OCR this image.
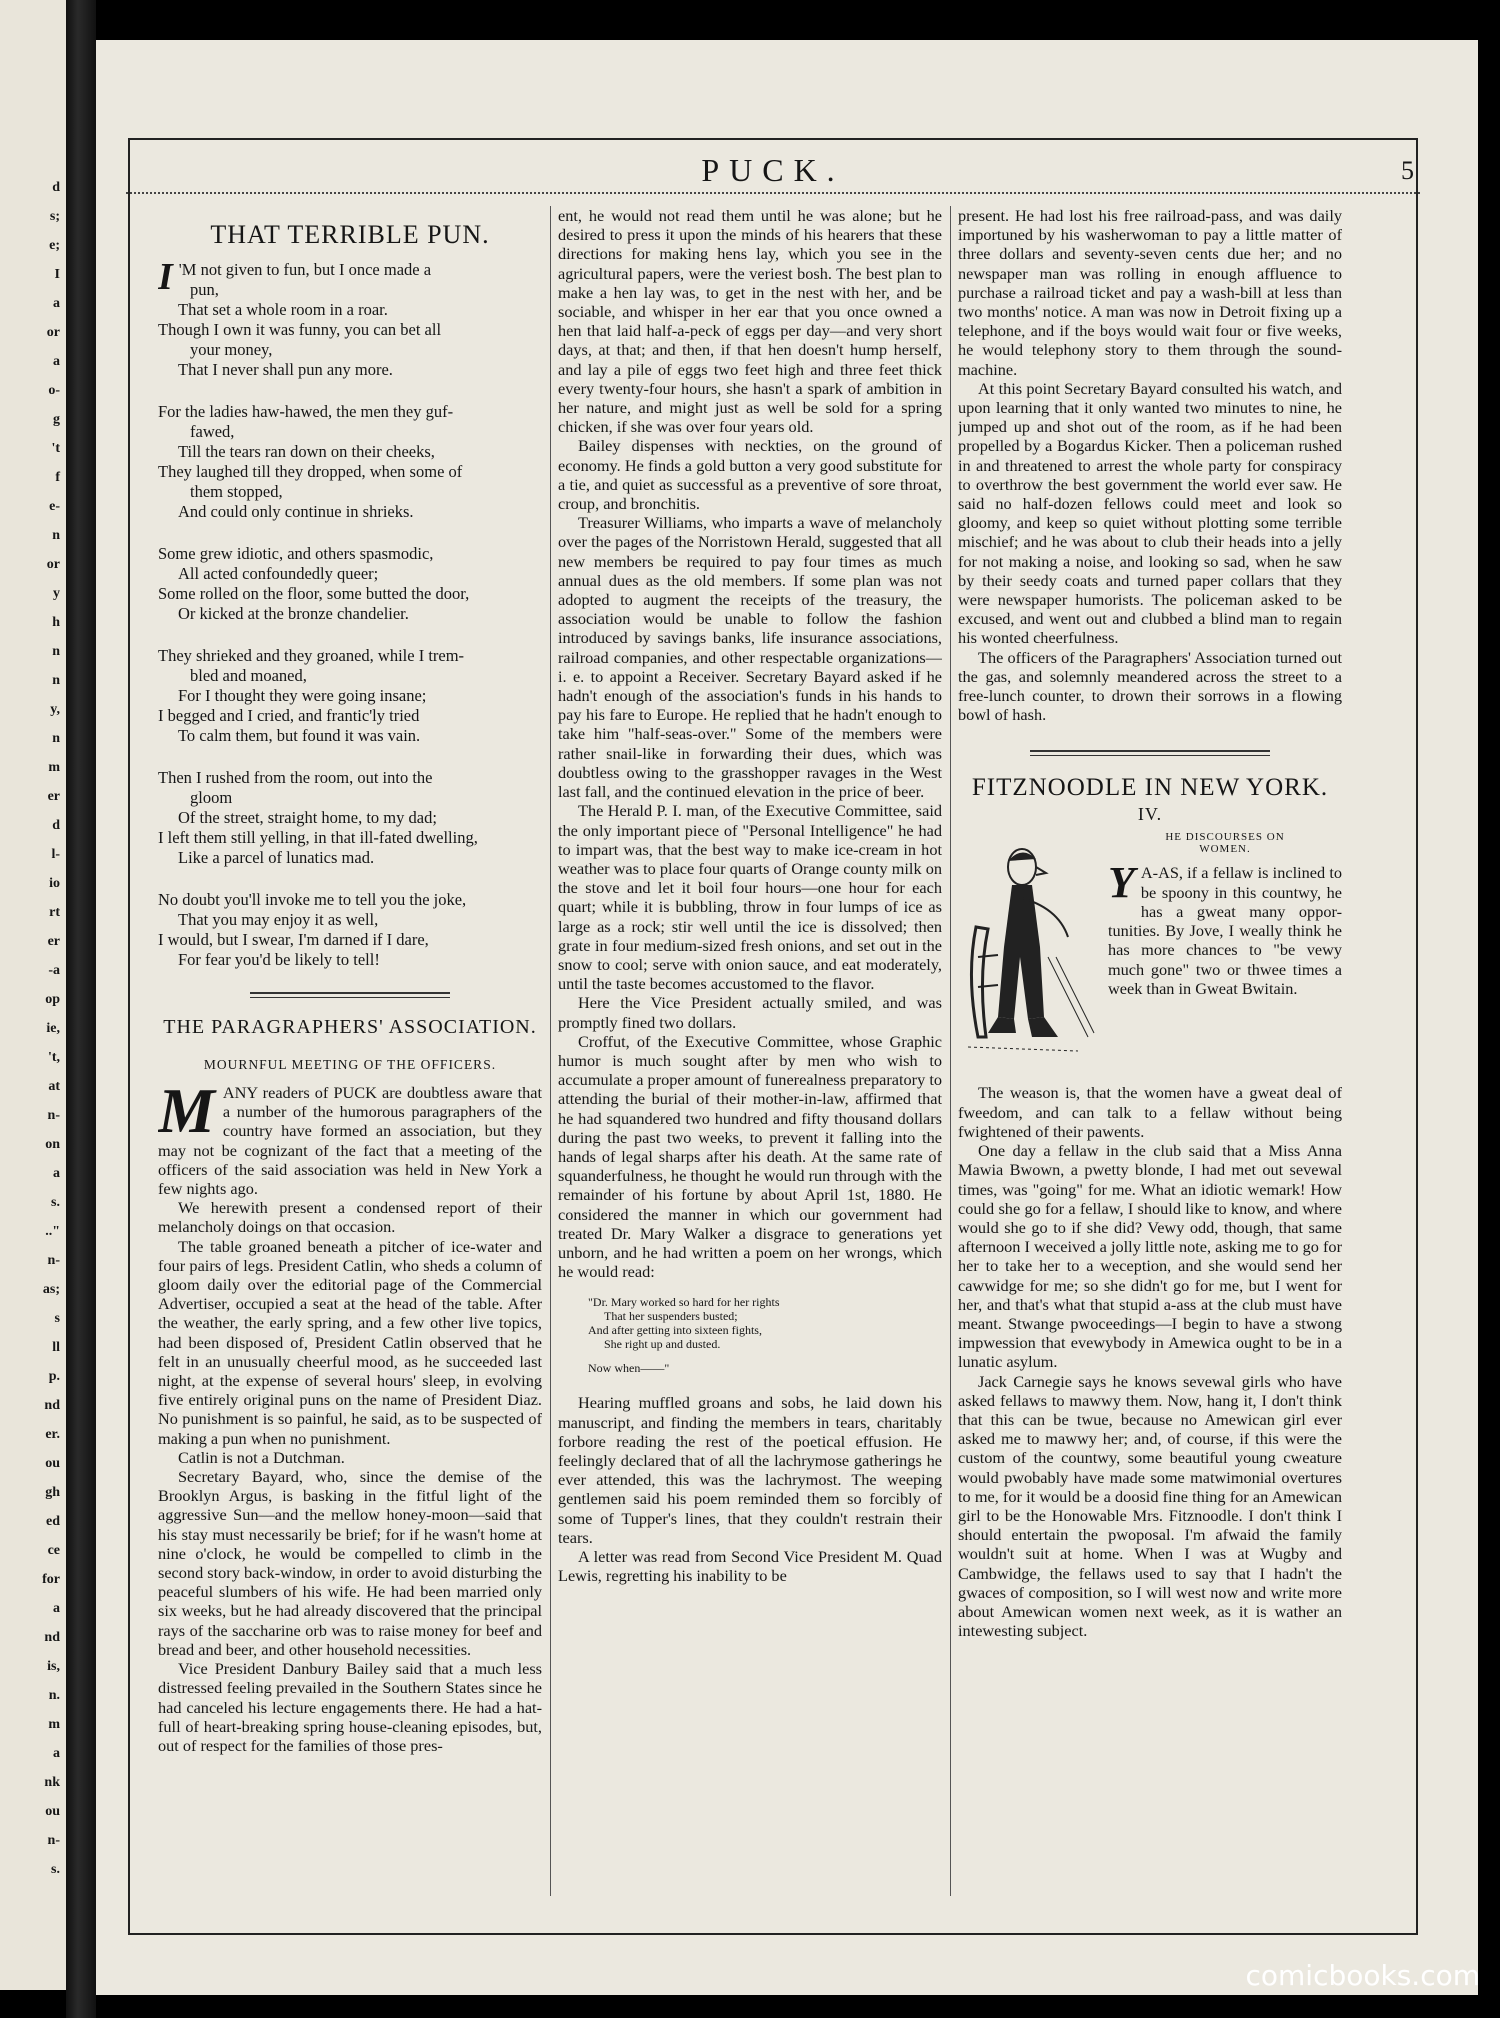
d
s;
e;
I
a
or
a
o-
g
't
f
e-
n
or
y
h
n
n
y,
n
m
er
d
l-
io
rt
er
-a
op
ie,
't,
at
n-
on
a
s.
.."
n-
as;
s
ll
p.
nd
er.
ou
gh
ed
ce
for
a
nd
is,
n.
m
a
nk
ou
n-
s.
PUCK.	5
THAT TERRIBLE PUN.

I 'M not given to fun, but I once made a
pun,
That set a whole room in a roar.
Though I own it was funny, you can bet all
your money,
That I never shall pun any more.

For the ladies haw-hawed, the men they guf-
fawed,
Till the tears ran down on their cheeks,
They laughed till they dropped, when some of
them stopped,
And could only continue in shrieks.

Some grew idiotic, and others spasmodic,
All acted confoundedly queer;
Some rolled on the floor, some butted the door,
Or kicked at the bronze chandelier.

They shrieked and they groaned, while I trem-
bled and moaned,
For I thought they were going insane;
I begged and I cried, and frantic'ly tried
To calm them, but found it was vain.

Then I rushed from the room, out into the
gloom
Of the street, straight home, to my dad;
I left them still yelling, in that ill-fated dwelling,
Like a parcel of lunatics mad.

No doubt you'll invoke me to tell you the joke,
That you may enjoy it as well,
I would, but I swear, I'm darned if I dare,
For fear you'd be likely to tell!

THE PARAGRAPHERS' ASSOCIATION.
MOURNFUL MEETING OF THE OFFICERS.

MANY readers of PUCK are doubtless aware that a number of the humorous paragraphers of the country have formed an association, but they may not be cognizant of the fact that a meeting of the officers of the said association was held in New York a few nights ago.

We herewith present a condensed report of their melancholy doings on that occasion.

The table groaned beneath a pitcher of ice-water and four pairs of legs. President Catlin, who sheds a column of gloom daily over the editorial page of the Commercial Advertiser, occupied a seat at the head of the table. After the weather, the early spring, and a few other live topics, had been disposed of, President Catlin observed that he felt in an unusually cheerful mood, as he succeeded last night, at the expense of several hours' sleep, in evolving five entirely original puns on the name of President Diaz. No punishment is so painful, he said, as to be suspected of making a pun when no punishment.

Catlin is not a Dutchman.

Secretary Bayard, who, since the demise of the Brooklyn Argus, is basking in the fitful light of the aggressive Sun—and the mellow honey-moon—said that his stay must necessarily be brief; for if he wasn't home at nine o'clock, he would be compelled to climb in the second story back-window, in order to avoid disturbing the peaceful slumbers of his wife. He had been married only six weeks, but he had already discovered that the principal rays of the saccharine orb was to raise money for beef and bread and beer, and other household necessities.

Vice President Danbury Bailey said that a much less distressed feeling prevailed in the Southern States since he had canceled his lecture engagements there. He had a hat-full of heart-breaking spring house-cleaning episodes, but, out of respect for the families of those pres-

ent, he would not read them until he was alone; but he desired to press it upon the minds of his hearers that these directions for making hens lay, which you see in the agricultural papers, were the veriest bosh. The best plan to make a hen lay was, to get in the nest with her, and be sociable, and whisper in her ear that you once owned a hen that laid half-a-peck of eggs per day—and very short days, at that; and then, if that hen doesn't hump herself, and lay a pile of eggs two feet high and three feet thick every twenty-four hours, she hasn't a spark of ambition in her nature, and might just as well be sold for a spring chicken, if she was over four years old.

Bailey dispenses with neckties, on the ground of economy. He finds a gold button a very good substitute for a tie, and quiet as successful as a preventive of sore throat, croup, and bronchitis.

Treasurer Williams, who imparts a wave of melancholy over the pages of the Norristown Herald, suggested that all new members be required to pay four times as much annual dues as the old members. If some plan was not adopted to augment the receipts of the treasury, the association would be unable to follow the fashion introduced by savings banks, life insurance associations, railroad companies, and other respectable organizations—i. e. to appoint a Receiver. Secretary Bayard asked if he hadn't enough of the association's funds in his hands to pay his fare to Europe. He replied that he hadn't enough to take him "half-seas-over." Some of the members were rather snail-like in forwarding their dues, which was doubtless owing to the grasshopper ravages in the West last fall, and the continued elevation in the price of beer.

The Herald P. I. man, of the Executive Committee, said the only important piece of "Personal Intelligence" he had to impart was, that the best way to make ice-cream in hot weather was to place four quarts of Orange county milk on the stove and let it boil four hours—one hour for each quart; while it is bubbling, throw in four lumps of ice as large as a rock; stir well until the ice is dissolved; then grate in four medium-sized fresh onions, and set out in the snow to cool; serve with onion sauce, and eat moderately, until the taste becomes accustomed to the flavor.

Here the Vice President actually smiled, and was promptly fined two dollars.

Croffut, of the Executive Committee, whose Graphic humor is much sought after by men who wish to accumulate a proper amount of funerealness preparatory to attending the burial of their mother-in-law, affirmed that he had squandered two hundred and fifty thousand dollars during the past two weeks, to prevent it falling into the hands of legal sharps after his death. At the same rate of squanderfulness, he thought he would run through with the remainder of his fortune by about April 1st, 1880. He considered the manner in which our government had treated Dr. Mary Walker a disgrace to generations yet unborn, and he had written a poem on her wrongs, which he would read:

"Dr. Mary worked so hard for her rights
That her suspenders busted;
And after getting into sixteen fights,
She right up and dusted.
Now when——"

Hearing muffled groans and sobs, he laid down his manuscript, and finding the members in tears, charitably forbore reading the rest of the poetical effusion. He feelingly declared that of all the lachrymose gatherings he ever attended, this was the lachrymost. The weeping gentlemen said his poem reminded them so forcibly of some of Tupper's lines, that they couldn't restrain their tears.

A letter was read from Second Vice President M. Quad Lewis, regretting his inability to be

present. He had lost his free railroad-pass, and was daily importuned by his washerwoman to pay a little matter of three dollars and seventy-seven cents due her; and no newspaper man was rolling in enough affluence to purchase a railroad ticket and pay a wash-bill at less than two months' notice. A man was now in Detroit fixing up a telephone, and if the boys would wait four or five weeks, he would telephony story to them through the sound-machine.

At this point Secretary Bayard consulted his watch, and upon learning that it only wanted two minutes to nine, he jumped up and shot out of the room, as if he had been propelled by a Bogardus Kicker. Then a policeman rushed in and threatened to arrest the whole party for conspiracy to overthrow the best government the world ever saw. He said no half-dozen fellows could meet and look so gloomy, and keep so quiet without plotting some terrible mischief; and he was about to club their heads into a jelly for not making a noise, and looking so sad, when he saw by their seedy coats and turned paper collars that they were newspaper humorists. The policeman asked to be excused, and went out and clubbed a blind man to regain his wonted cheerfulness.

The officers of the Paragraphers' Association turned out the gas, and solemnly meandered across the street to a free-lunch counter, to drown their sorrows in a flowing bowl of hash.

FITZNOODLE IN NEW YORK.
IV.
HE DISCOURSES ON
WOMEN.

Y A-AS, if a fellaw is inclined to be spoony in this countwy, he has a gweat many oppor-tunities. By Jove, I weally think he has more chances to "be vewy much gone" two or thwee times a week than in Gweat Bwitain.

The weason is, that the women have a gweat deal of fweedom, and can talk to a fellaw without being fwightened of their pawents.

One day a fellaw in the club said that a Miss Anna Mawia Bwown, a pwetty blonde, I had met out sevewal times, was "going" for me. What an idiotic wemark! How could she go for a fellaw, I should like to know, and where would she go to if she did? Vewy odd, though, that same afternoon I weceived a jolly little note, asking me to go for her to take her to a weception, and she would send her cawwidge for me; so she didn't go for me, but I went for her, and that's what that stupid a-ass at the club must have meant. Stwange pwoceedings—I begin to have a stwong impwession that evewybody in Amewica ought to be in a lunatic asylum.

Jack Carnegie says he knows sevewal girls who have asked fellaws to mawwy them. Now, hang it, I don't think that this can be twue, because no Amewican girl ever asked me to mawwy her; and, of course, if this were the custom of the countwy, some beautiful young cweature would pwobably have made some matwimonial overtures to me, for it would be a doosid fine thing for an Amewican girl to be the Honowable Mrs. Fitznoodle. I don't think I should entertain the pwoposal. I'm afwaid the family wouldn't suit at home. When I was at Wugby and Cambwidge, the fellaws used to say that I hadn't the gwaces of composition, so I will west now and write more about Amewican women next week, as it is wather an intewesting subject.

comicbooks.com
